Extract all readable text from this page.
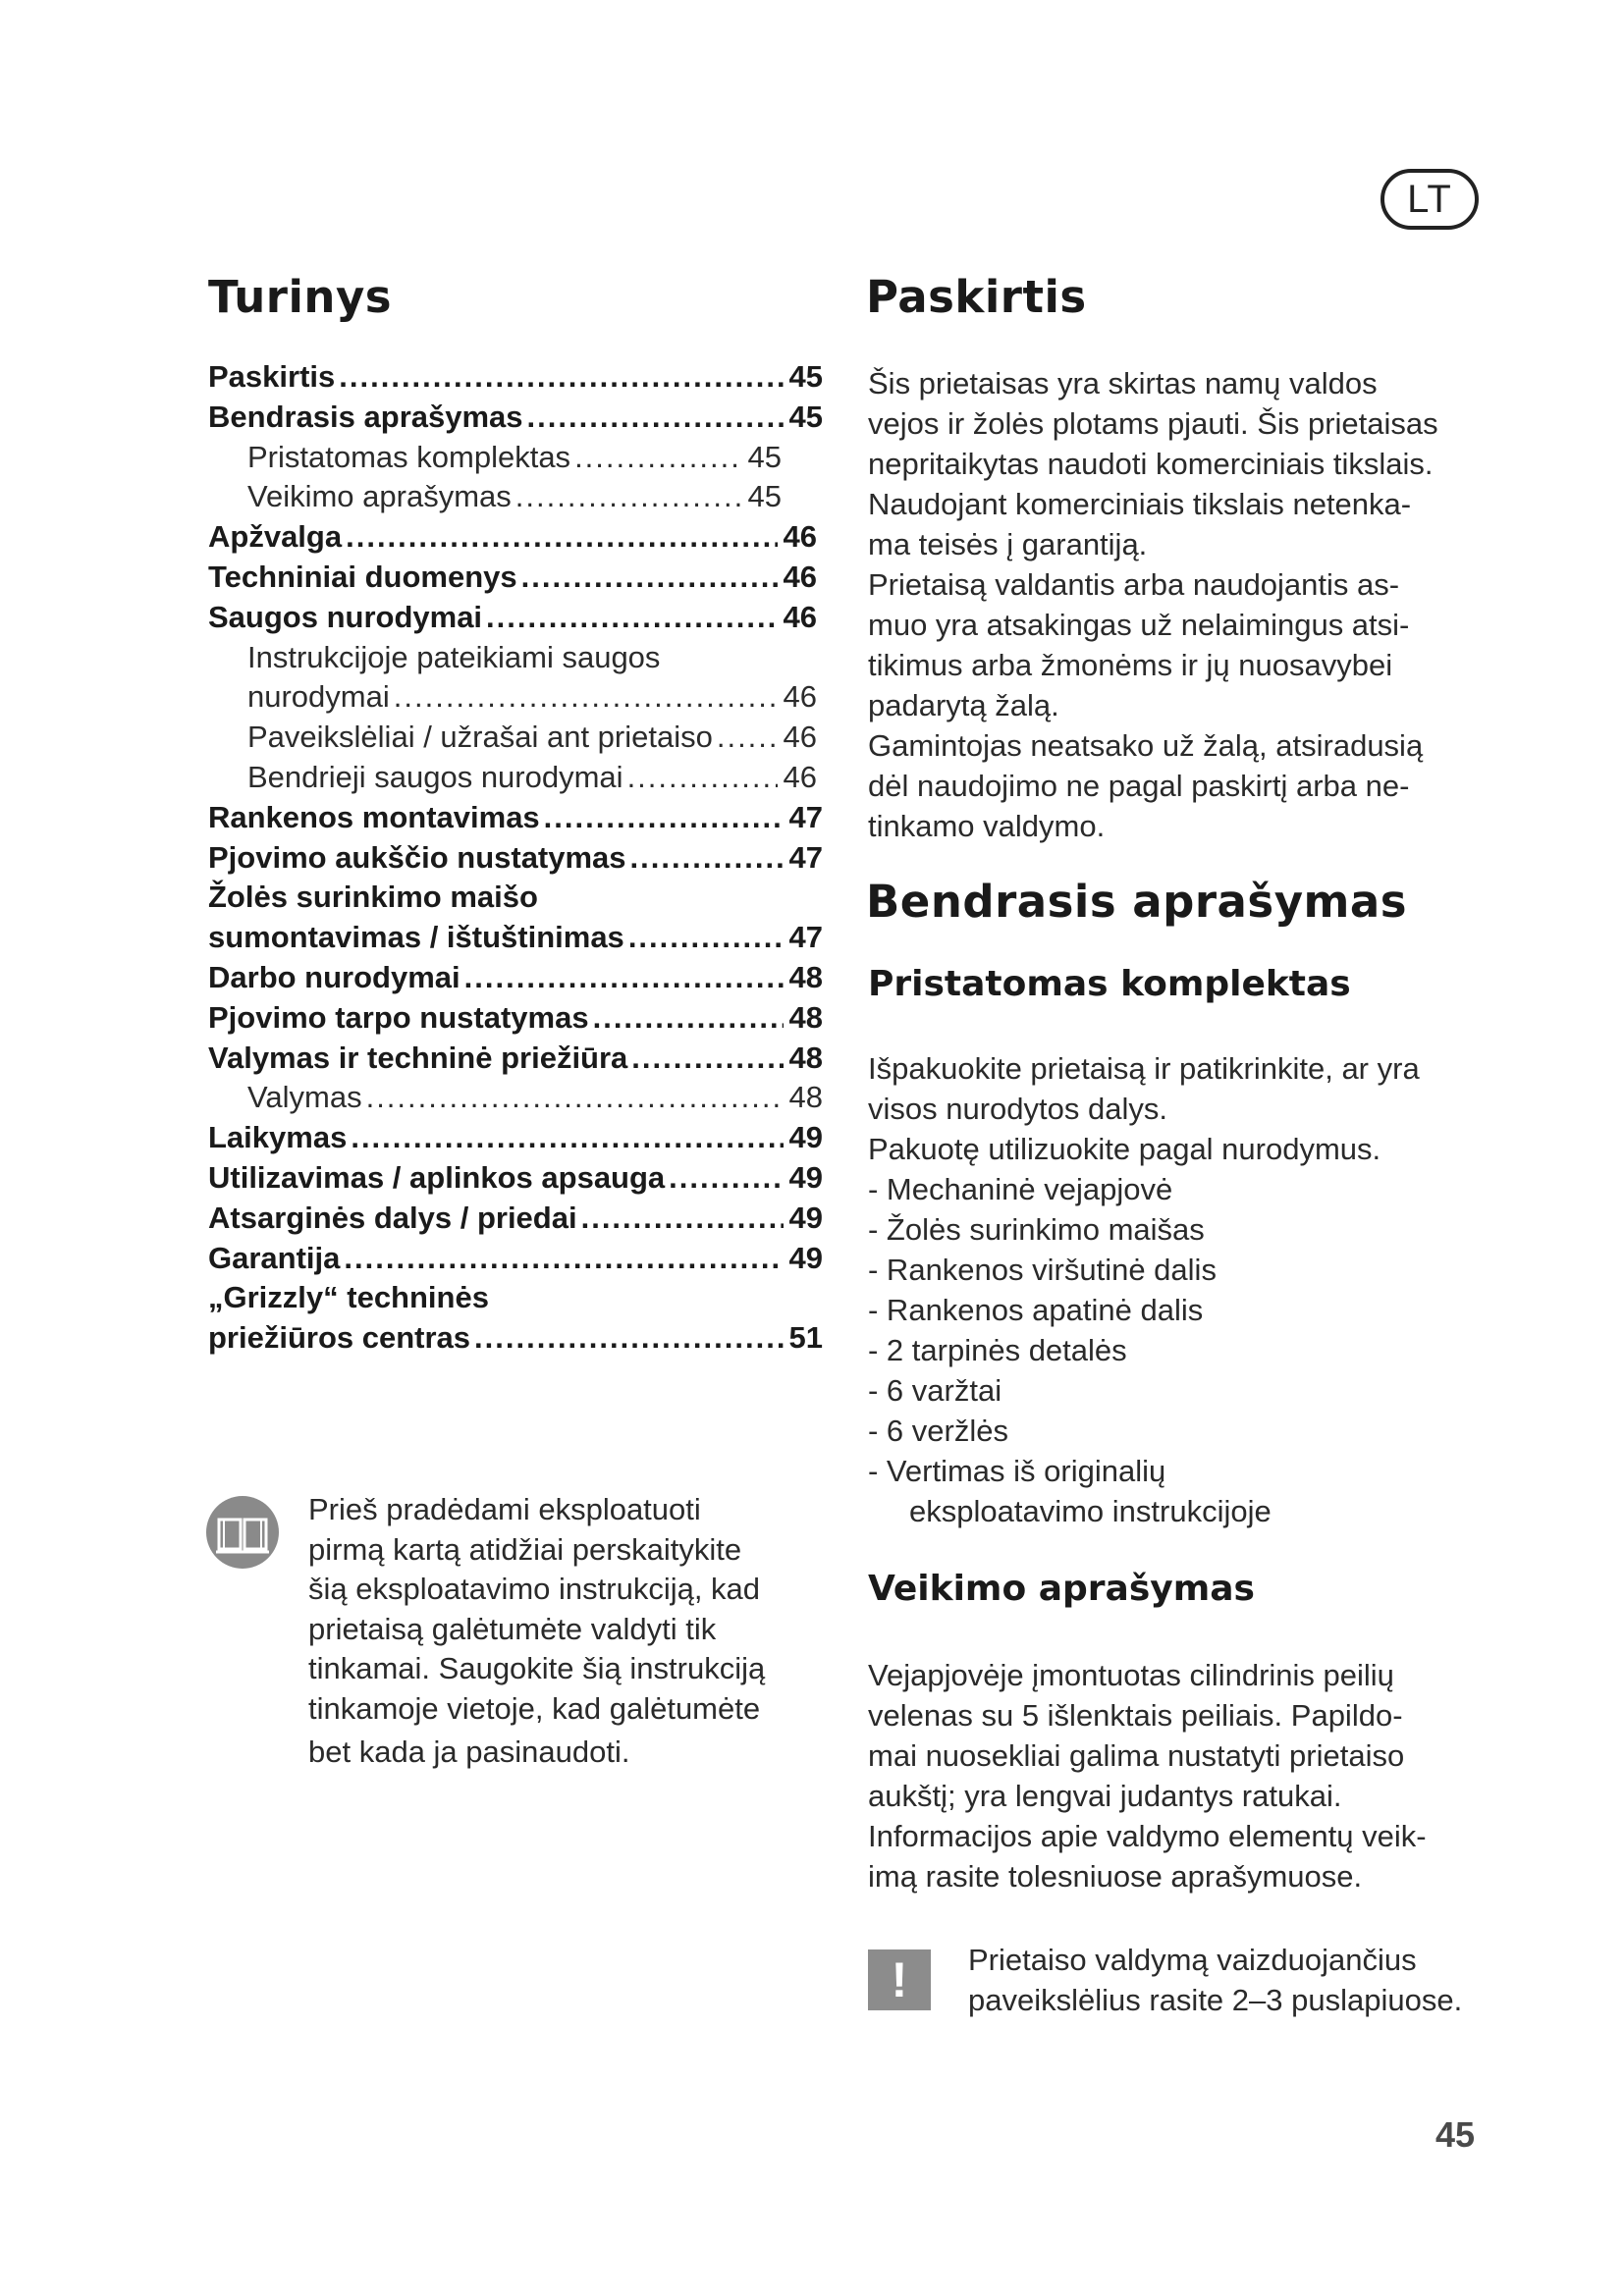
LT
Turinys
Paskirtis .....	45
Bendrasis aprašymas .....	45
Pristatomas komplektas .....	45
Veikimo aprašymas .....	45
Apžvalga .....	46
Techniniai duomenys .....	46
Saugos nurodymai .....	46
Instrukcijoje pateikiami saugos
nurodymai .....	46
Paveikslėliai / užrašai ant prietaiso ..... 46
Bendrieji saugos nurodymai .....	46
Rankenos montavimas .....	47
Pjovimo aukščio nustatymas .....	47
Žolės surinkimo maišo
sumontavimas / ištuštinimas .....	47
Darbo nurodymai .....	48
Pjovimo tarpo nustatymas .....	48
Valymas ir techninė priežiūra .....	48
Valymas .....	48
Laikymas .....	49
Utilizavimas / aplinkos apsauga .....	49
Atsarginės dalys / priedai .....	49
Garantija .....	49
„Grizzly“ techninės
priežiūros centras .....	51

Prieš pradėdami eksploatuoti

pirmą kartą atidžiai perskaitykite

šią eksploatavimo instrukciją, kad

prietaisą galėtumėte valdyti tik

tinkamai. Saugokite šią instrukciją

tinkamoje vietoje, kad galėtumėte

bet kada ja pasinaudoti.

Paskirtis

Šis prietaisas yra skirtas namų valdos

vejos ir žolės plotams pjauti. Šis prietaisas

nepritaikytas naudoti komerciniais tikslais.

Naudojant komerciniais tikslais netenka-

ma teisės į garantiją.

Prietaisą valdantis arba naudojantis as-

muo yra atsakingas už nelaimingus atsi-

tikimus arba žmonėms ir jų nuosavybei

padarytą žalą.

Gamintojas neatsako už žalą, atsiradusią

dėl naudojimo ne pagal paskirtį arba ne-

tinkamo valdymo.

Bendrasis aprašymas
Pristatomas komplektas

Išpakuokite prietaisą ir patikrinkite, ar yra

visos nurodytos dalys.

Pakuotę utilizuokite pagal nurodymus.

- Mechaninė vejapjovė
- Žolės surinkimo maišas
- Rankenos viršutinė dalis
- Rankenos apatinė dalis
- 2 tarpinės detalės
- 6 varžtai
- 6 veržlės
- Vertimas iš originalių
eksploatavimo instrukcijoje
Veikimo aprašymas

Vejapjovėje įmontuotas cilindrinis peilių

velenas su 5 išlenktais peiliais. Papildo-

mai nuosekliai galima nustatyti prietaiso

aukštį; yra lengvai judantys ratukai.

Informacijos apie valdymo elementų veik-

imą rasite tolesniuose aprašymuose.

! Prietaiso valdymą vaizduojančius

paveikslėlius rasite 2–3 puslapiuose.

45
